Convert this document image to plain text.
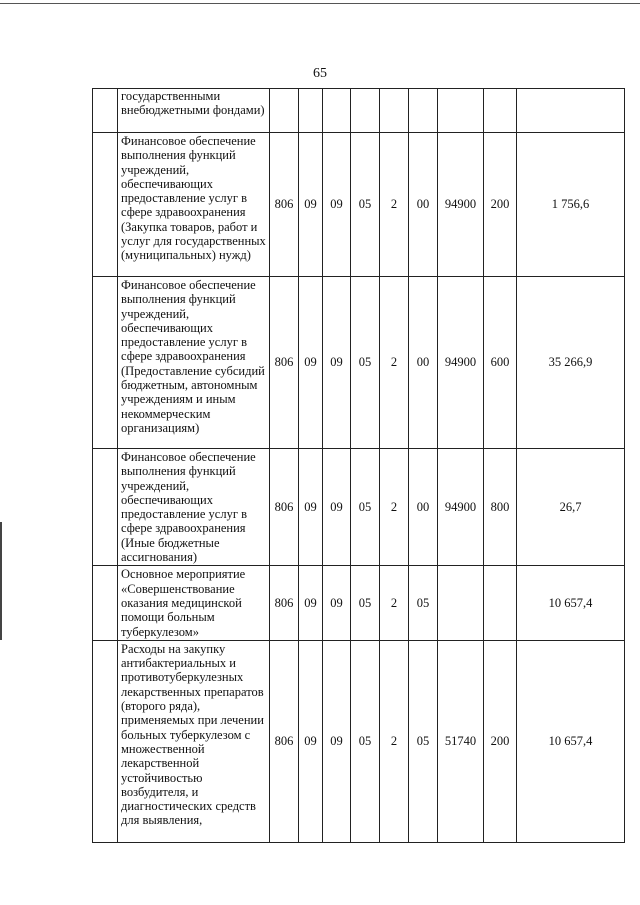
65
	государственными внебюджетными фондами)									
	Финансовое обеспечение выполнения функций учреждений, обеспечивающих предоставление услуг в сфере здравоохранения (Закупка товаров, работ и услуг для государственных (муниципальных) нужд)	806	09	09	05	2	00	94900	200	1 756,6
	Финансовое обеспечение выполнения функций учреждений, обеспечивающих предоставление услуг в сфере здравоохранения (Предоставление субсидий бюджетным, автономным учреждениям и иным некоммерческим организациям)	806	09	09	05	2	00	94900	600	35 266,9
	Финансовое обеспечение выполнения функций учреждений, обеспечивающих предоставление услуг в сфере здравоохранения (Иные бюджетные ассигнования)	806	09	09	05	2	00	94900	800	26,7
	Основное мероприятие «Совершенствование оказания медицинской помощи больным туберкулезом»	806	09	09	05	2	05			10 657,4
	Расходы на закупку антибактериальных и противотуберкулезных лекарственных препаратов (второго ряда), применяемых при лечении больных туберкулезом с множественной лекарственной устойчивостью возбудителя, и диагностических средств для выявления,	806	09	09	05	2	05	51740	200	10 657,4
